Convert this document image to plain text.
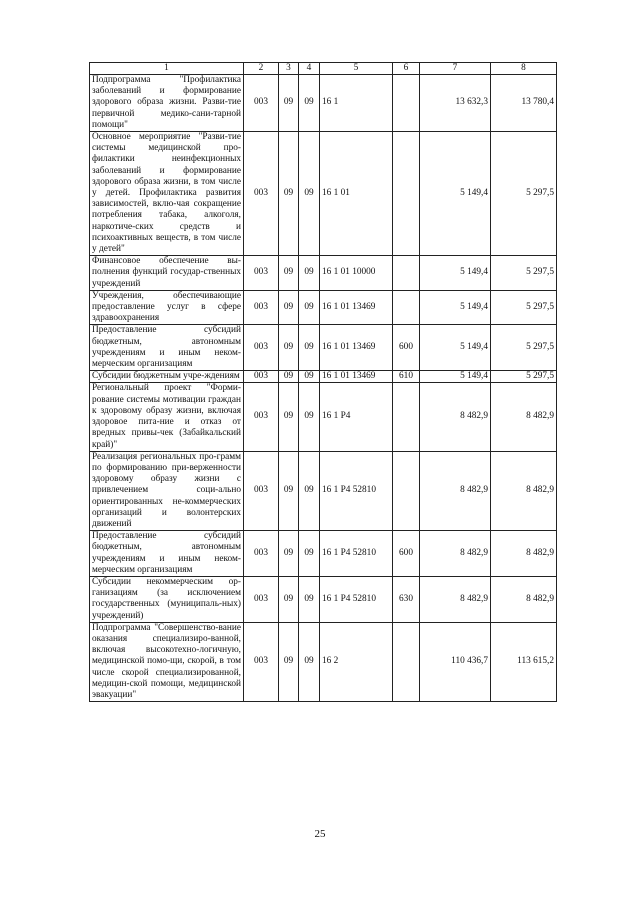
1	2	3	4	5	6	7	8
Подпрограмма "Профилактика заболеваний и формирование здорового образа жизни. Разви-тие первичной медико-сани-тарной помощи"	003	09	09	16 1		13 632,3	13 780,4
Основное мероприятие "Разви-тие системы медицинской про-филактики неинфекционных заболеваний и формирование здорового образа жизни, в том числе у детей. Профилактика развития зависимостей, вклю-чая сокращение потребления табака, алкоголя, наркотиче-ских средств и психоактивных веществ, в том числе у детей"	003	09	09	16 1 01		5 149,4	5 297,5
Финансовое обеспечение вы-полнения функций государ-ственных учреждений	003	09	09	16 1 01 10000		5 149,4	5 297,5
Учреждения, обеспечивающие предоставление услуг в сфере здравоохранения	003	09	09	16 1 01 13469		5 149,4	5 297,5
Предоставление субсидий бюджетным, автономным учреждениям и иным неком-мерческим организациям	003	09	09	16 1 01 13469	600	5 149,4	5 297,5
Субсидии бюджетным учре-ждениям	003	09	09	16 1 01 13469	610	5 149,4	5 297,5
Региональный проект "Форми-рование системы мотивации граждан к здоровому образу жизни, включая здоровое пита-ние и отказ от вредных привы-чек (Забайкальский край)"	003	09	09	16 1 P4		8 482,9	8 482,9
Реализация региональных про-грамм по формированию при-верженности здоровому образу жизни с привлечением соци-ально ориентированных не-коммерческих организаций и волонтерских движений	003	09	09	16 1 P4 52810		8 482,9	8 482,9
Предоставление субсидий бюджетным, автономным учреждениям и иным неком-мерческим организациям	003	09	09	16 1 P4 52810	600	8 482,9	8 482,9
Субсидии некоммерческим ор-ганизациям (за исключением государственных (муниципаль-ных) учреждений)	003	09	09	16 1 P4 52810	630	8 482,9	8 482,9
Подпрограмма "Совершенство-вание оказания специализиро-ванной, включая высокотехно-логичную, медицинской помо-щи, скорой, в том числе скорой специализированной, медицин-ской помощи, медицинской эвакуации"	003	09	09	16 2		110 436,7	113 615,2
25
